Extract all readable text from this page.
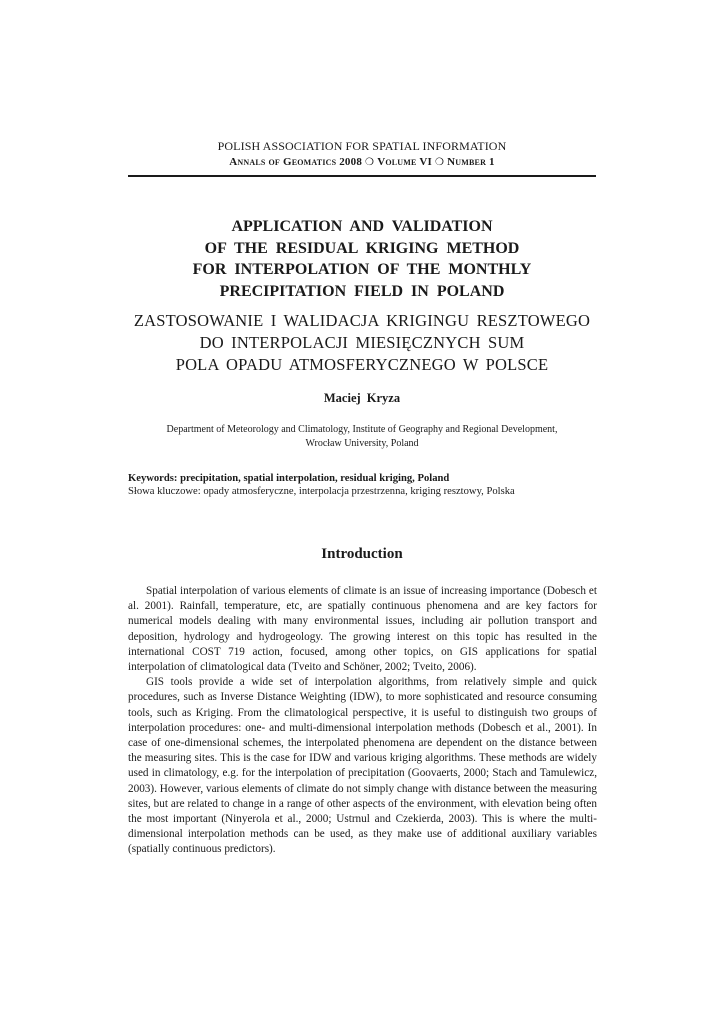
POLISH ASSOCIATION FOR SPATIAL INFORMATION
Annals of Geomatics 2008 ❍ Volume VI ❍ Number 1
APPLICATION AND VALIDATION
OF THE RESIDUAL KRIGING METHOD
FOR INTERPOLATION OF THE MONTHLY
PRECIPITATION FIELD IN POLAND
ZASTOSOWANIE I WALIDACJA KRIGINGU RESZTOWEGO
DO INTERPOLACJI MIESIĘCZNYCH SUM
POLA OPADU ATMOSFERYCZNEGO W POLSCE
Maciej Kryza
Department of Meteorology and Climatology, Institute of Geography and Regional Development,
Wrocław University, Poland
Keywords: precipitation, spatial interpolation, residual kriging, Poland
Słowa kluczowe: opady atmosferyczne, interpolacja przestrzenna, kriging resztowy, Polska
Introduction

Spatial interpolation of various elements of climate is an issue of increasing importance (Dobesch et al. 2001). Rainfall, temperature, etc, are spatially continuous phenomena and are key factors for numerical models dealing with many environmental issues, including air pollution transport and deposition, hydrology and hydrogeology. The growing interest on this topic has resulted in the international COST 719 action, focused, among other topics, on GIS applications for spatial interpolation of climatological data (Tveito and Schöner, 2002; Tveito, 2006).

GIS tools provide a wide set of interpolation algorithms, from relatively simple and quick procedures, such as Inverse Distance Weighting (IDW), to more sophisticated and resource consuming tools, such as Kriging. From the climatological perspective, it is useful to distinguish two groups of interpolation procedures: one- and multi-dimensional interpolation methods (Dobesch et al., 2001). In case of one-dimensional schemes, the interpolated phenomena are dependent on the distance between the measuring sites. This is the case for IDW and various kriging algorithms. These methods are widely used in climatology, e.g. for the interpolation of precipitation (Goovaerts, 2000; Stach and Tamulewicz, 2003). However, various elements of climate do not simply change with distance between the measuring sites, but are related to change in a range of other aspects of the environment, with elevation being often the most important (Ninyerola et al., 2000; Ustrnul and Czekierda, 2003). This is where the multi-dimensional interpolation methods can be used, as they make use of additional auxiliary variables (spatially continuous predictors).
